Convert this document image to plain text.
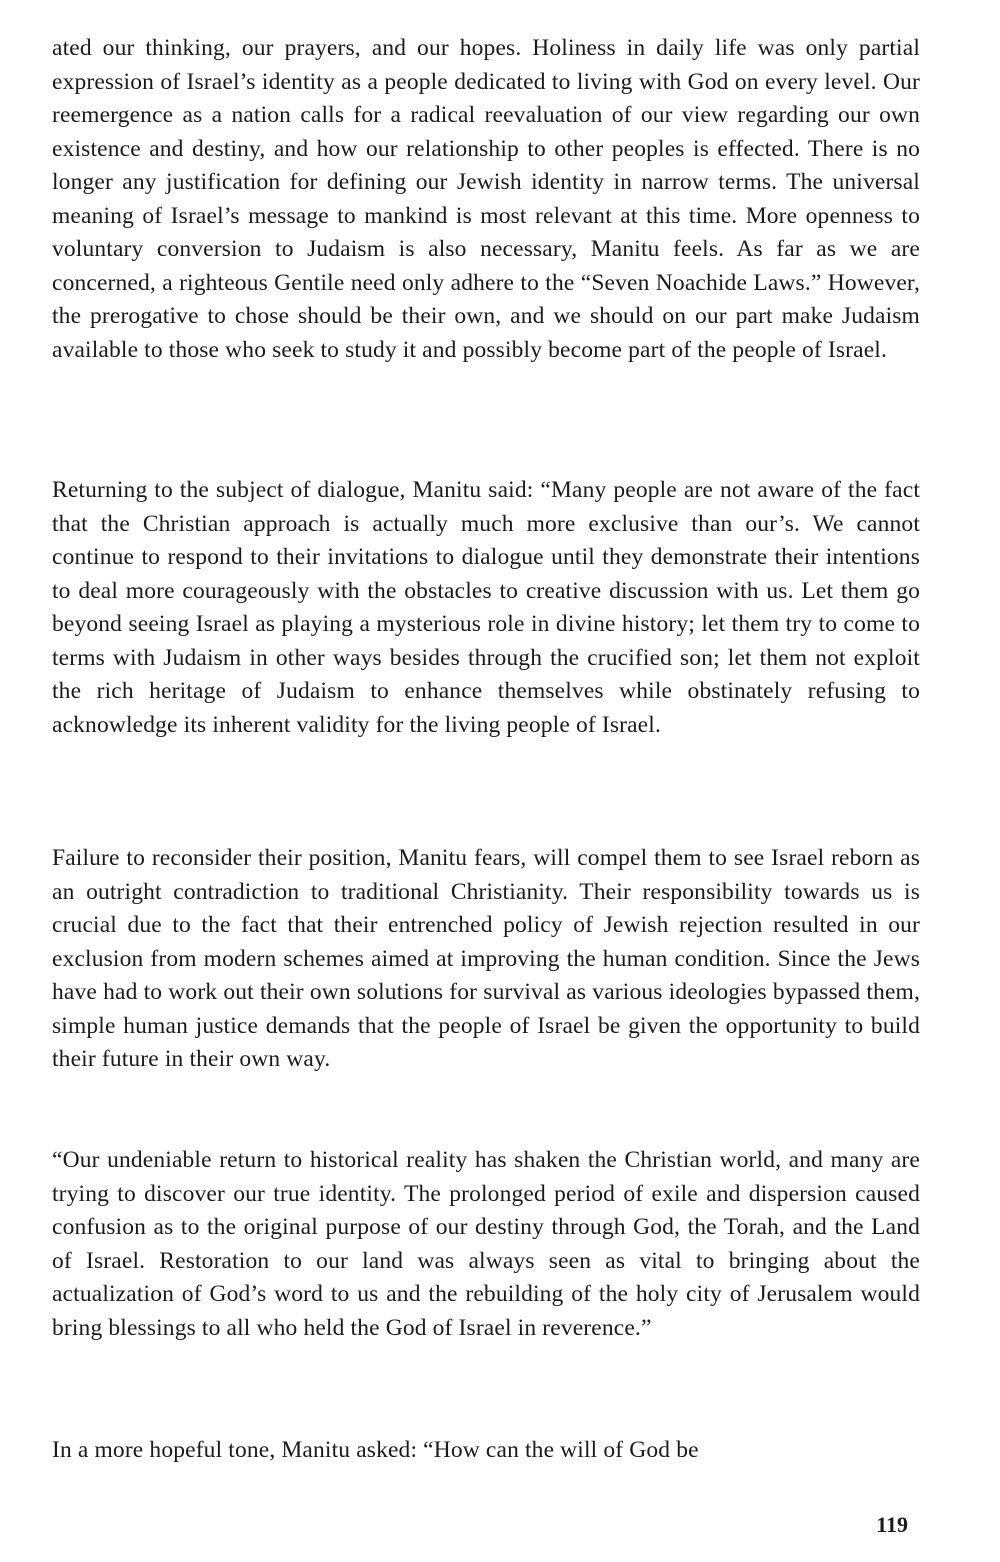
ated our thinking, our prayers, and our hopes. Holiness in daily life was only partial expression of Israel’s identity as a people dedicated to living with God on every level. Our reemergence as a nation calls for a radical reevaluation of our view regarding our own existence and destiny, and how our relationship to other peoples is effected. There is no longer any justification for defining our Jewish identity in narrow terms. The universal meaning of Israel’s message to mankind is most relevant at this time. More openness to voluntary conversion to Judaism is also necessary, Manitu feels. As far as we are concerned, a righteous Gentile need only adhere to the “Seven Noachide Laws.” However, the prerogative to chose should be their own, and we should on our part make Judaism available to those who seek to study it and possibly become part of the people of Israel.

Returning to the subject of dialogue, Manitu said: “Many people are not aware of the fact that the Christian approach is actually much more exclusive than our’s. We cannot continue to respond to their invitations to dialogue until they demonstrate their intentions to deal more courageously with the obstacles to creative discussion with us. Let them go beyond seeing Israel as playing a mysterious role in divine history; let them try to come to terms with Judaism in other ways besides through the crucified son; let them not exploit the rich heritage of Judaism to enhance themselves while obstinately refusing to acknowledge its inherent validity for the living people of Israel.

Failure to reconsider their position, Manitu fears, will compel them to see Israel reborn as an outright contradiction to traditional Christianity. Their responsibility towards us is crucial due to the fact that their entrenched policy of Jewish rejection resulted in our exclusion from modern schemes aimed at improving the human condition. Since the Jews have had to work out their own solutions for survival as various ideologies bypassed them, simple human justice demands that the people of Israel be given the opportunity to build their future in their own way.

“Our undeniable return to historical reality has shaken the Christian world, and many are trying to discover our true identity. The prolonged period of exile and dispersion caused confusion as to the original purpose of our destiny through God, the Torah, and the Land of Israel. Restoration to our land was always seen as vital to bringing about the actualization of God’s word to us and the rebuilding of the holy city of Jerusalem would bring blessings to all who held the God of Israel in reverence.”

In a more hopeful tone, Manitu asked: “How can the will of God be

119
